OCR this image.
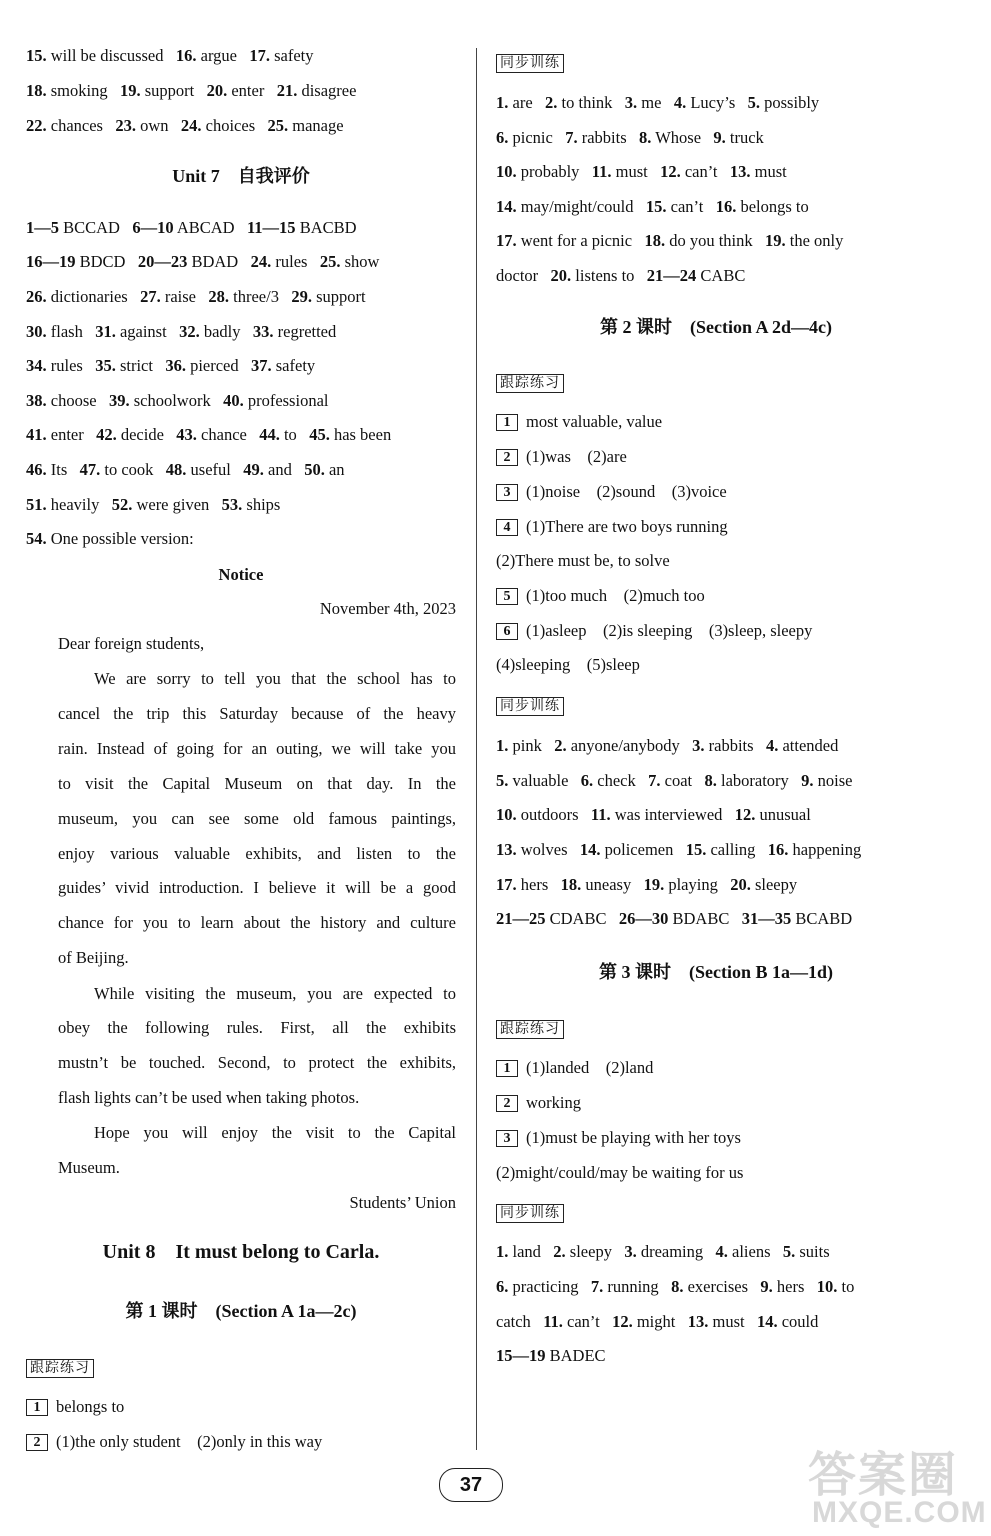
15. will be discussed 16. argue 17. safety
18. smoking 19. support 20. enter 21. disagree
22. chances 23. own 24. choices 25. manage
Unit 7　自我评价
1—5 BCCAD 6—10 ABCAD 11—15 BACBD
16—19 BDCD 20—23 BDAD 24. rules 25. show
26. dictionaries 27. raise 28. three/3 29. support
30. flash 31. against 32. badly 33. regretted
34. rules 35. strict 36. pierced 37. safety
38. choose 39. schoolwork 40. professional
41. enter 42. decide 43. chance 44. to 45. has been
46. Its 47. to cook 48. useful 49. and 50. an
51. heavily 52. were given 53. ships
54. One possible version:
Notice
November 4th, 2023
Dear foreign students,
We are sorry to tell you that the school has to
cancel the trip this Saturday because of the heavy
rain. Instead of going for an outing, we will take you
to visit the Capital Museum on that day. In the
museum, you can see some old famous paintings,
enjoy various valuable exhibits, and listen to the
guides’ vivid introduction. I believe it will be a good
chance for you to learn about the history and culture
of Beijing.
While visiting the museum, you are expected to
obey the following rules. First, all the exhibits
mustn’t be touched. Second, to protect the exhibits,
flash lights can’t be used when taking photos.
Hope you will enjoy the visit to the Capital
Museum.
Students’ Union
Unit 8　It must belong to Carla.
第 1 课时　(Section A 1a—2c)
跟踪练习
1 belongs to
2 (1)the only student　(2)only in this way
同步训练
1. are 2. to think 3. me 4. Lucy’s 5. possibly
6. picnic 7. rabbits 8. Whose 9. truck
10. probably 11. must 12. can’t 13. must
14. may/might/could 15. can’t 16. belongs to
17. went for a picnic 18. do you think 19. the only
doctor 20. listens to 21—24 CABC
第 2 课时　(Section A 2d—4c)
跟踪练习
1 most valuable, value
2 (1)was　(2)are
3 (1)noise　(2)sound　(3)voice
4 (1)There are two boys running
(2)There must be, to solve
5 (1)too much　(2)much too
6 (1)asleep　(2)is sleeping　(3)sleep, sleepy
(4)sleeping　(5)sleep
同步训练
1. pink 2. anyone/anybody 3. rabbits 4. attended
5. valuable 6. check 7. coat 8. laboratory 9. noise
10. outdoors 11. was interviewed 12. unusual
13. wolves 14. policemen 15. calling 16. happening
17. hers 18. uneasy 19. playing 20. sleepy
21—25 CDABC 26—30 BDABC 31—35 BCABD
第 3 课时　(Section B 1a—1d)
跟踪练习
1 (1)landed　(2)land
2 working
3 (1)must be playing with her toys
(2)might/could/may be waiting for us
同步训练
1. land 2. sleepy 3. dreaming 4. aliens 5. suits
6. practicing 7. running 8. exercises 9. hers 10. to
catch 11. can’t 12. might 13. must 14. could
15—19 BADEC
37	答案圈
MXQE.COM
